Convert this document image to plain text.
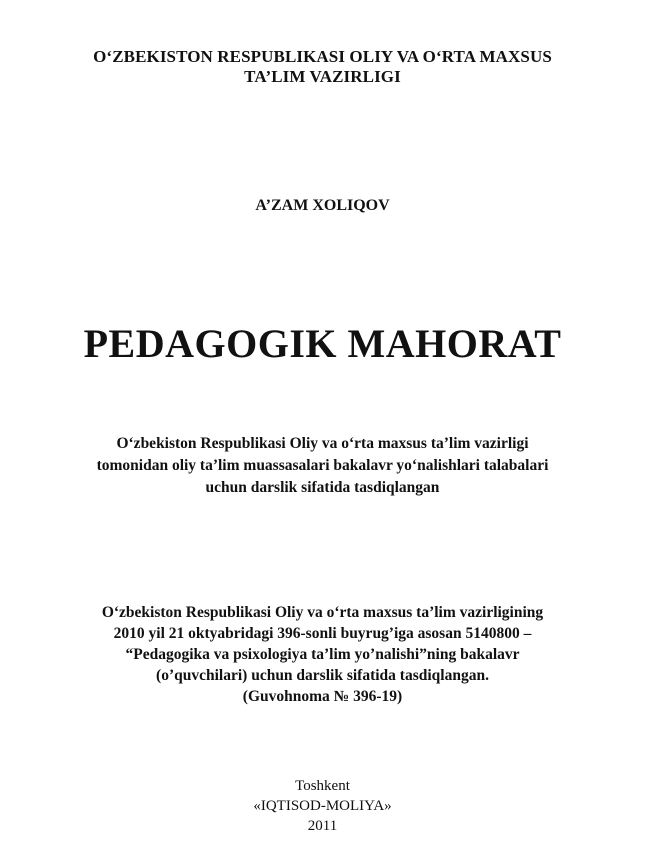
O‘ZBEKISTON RESPUBLIKASI OLIY VA O‘RTA MAXSUS
TA’LIM VAZIRLIGI
A’ZAM XOLIQOV
PEDAGOGIK MAHORAT
O‘zbekiston Respublikasi Oliy va o‘rta maxsus ta’lim vazirligi
tomonidan oliy ta’lim muassasalari bakalavr yo‘nalishlari talabalari
uchun darslik sifatida tasdiqlangan
O‘zbekiston Respublikasi Oliy va o‘rta maxsus ta’lim vazirligining
2010 yil 21 oktyabridagi 396-sonli buyrug’iga asosan 5140800 –
“Pedagogika va psixologiya ta’lim yo’nalishi”ning bakalavr
(o’quvchilari) uchun darslik sifatida tasdiqlangan.
(Guvohnoma № 396-19)
Toshkent
«IQTISOD-MOLIYA»
2011
